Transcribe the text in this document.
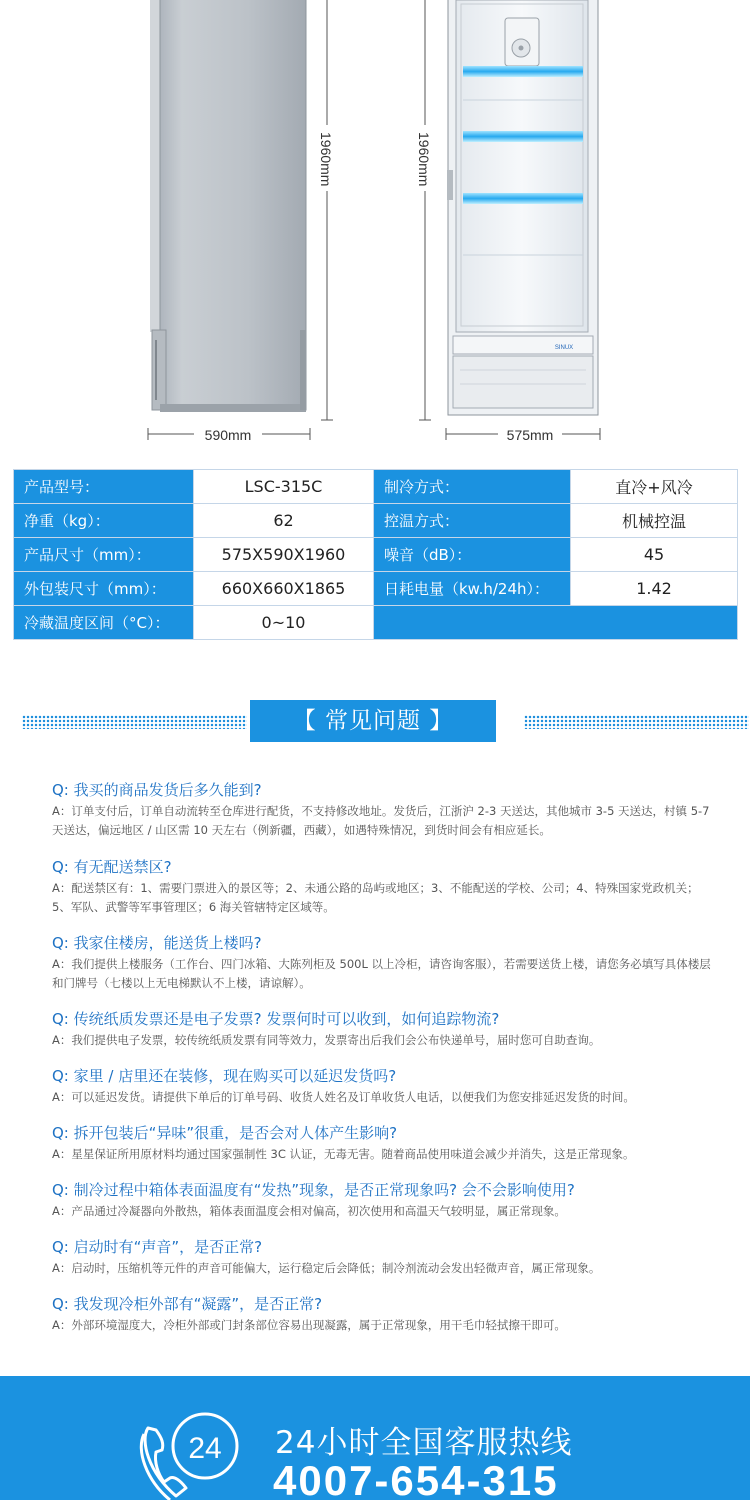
1960mm
590mm
1960mm
SINUX
575mm
产品型号：	LSC-315C	制冷方式：	直冷+风冷
净重（kg）：	62	控温方式：	机械控温
产品尺寸（mm）：	575X590X1960	噪音（dB）：	45
外包装尺寸（mm）：	660X660X1865	日耗电量（kw.h/24h）：	1.42
冷藏温度区间（°C）：	0~10		
【 常见问题 】
Q: 我买的商品发货后多久能到?
A：订单支付后，订单自动流转至仓库进行配货，不支持修改地址。发货后，江浙沪 2-3 天送达，其他城市 3-5 天送达，村镇 5-7 天送达，偏远地区 / 山区需 10 天左右（例新疆，西藏），如遇特殊情况，到货时间会有相应延长。
Q: 有无配送禁区?
A：配送禁区有：1、需要门票进入的景区等；2、未通公路的岛屿或地区；3、不能配送的学校、公司；4、特殊国家党政机关；5、军队、武警等军事管理区；6 海关管辖特定区域等。
Q: 我家住楼房，能送货上楼吗?
A：我们提供上楼服务（工作台、四门冰箱、大陈列柜及 500L 以上冷柜，请咨询客服），若需要送货上楼，请您务必填写具体楼层和门牌号（七楼以上无电梯默认不上楼，请谅解）。
Q: 传统纸质发票还是电子发票? 发票何时可以收到，如何追踪物流?
A：我们提供电子发票，较传统纸质发票有同等效力，发票寄出后我们会公布快递单号，届时您可自助查询。
Q: 家里 / 店里还在装修，现在购买可以延迟发货吗?
A：可以延迟发货。请提供下单后的订单号码、收货人姓名及订单收货人电话，以便我们为您安排延迟发货的时间。
Q: 拆开包装后“异味”很重，是否会对人体产生影响?
A：星星保证所用原材料均通过国家强制性 3C 认证，无毒无害。随着商品使用味道会减少并消失，这是正常现象。
Q: 制冷过程中箱体表面温度有“发热”现象，是否正常现象吗? 会不会影响使用?
A：产品通过冷凝器向外散热，箱体表面温度会相对偏高，初次使用和高温天气较明显，属正常现象。
Q: 启动时有“声音”，是否正常?
A：启动时，压缩机等元件的声音可能偏大，运行稳定后会降低；制冷剂流动会发出轻微声音，属正常现象。
Q: 我发现冷柜外部有“凝露”，是否正常?
A：外部环境湿度大，冷柜外部或门封条部位容易出现凝露，属于正常现象，用干毛巾轻拭擦干即可。
24 24小时全国客服热线
4007-654-315
